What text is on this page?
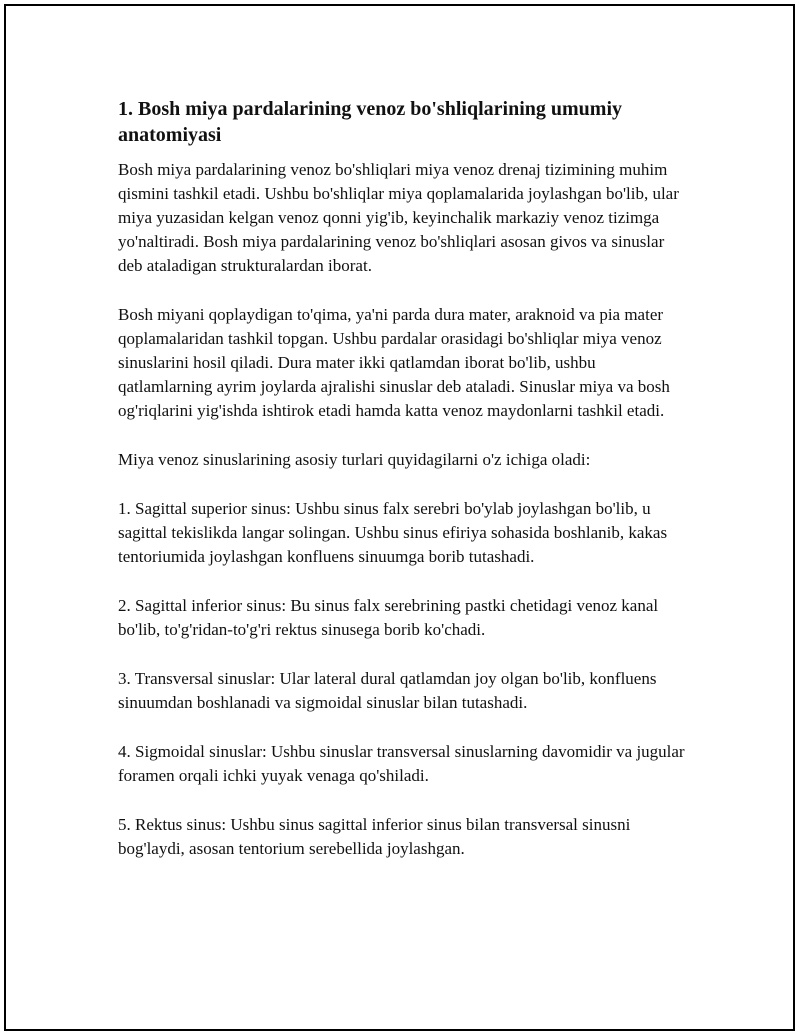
1. Bosh miya pardalarining venoz bo'shliqlarining umumiy anatomiyasi

Bosh miya pardalarining venoz bo'shliqlari miya venoz drenaj tizimining muhim qismini tashkil etadi. Ushbu bo'shliqlar miya qoplamalarida joylashgan bo'lib, ular miya yuzasidan kelgan venoz qonni yig'ib, keyinchalik markaziy venoz tizimga yo'naltiradi. Bosh miya pardalarining venoz bo'shliqlari asosan givos va sinuslar deb ataladigan strukturalardan iborat.

Bosh miyani qoplaydigan to'qima, ya'ni parda dura mater, araknoid va pia mater qoplamalaridan tashkil topgan. Ushbu pardalar orasidagi bo'shliqlar miya venoz sinuslarini hosil qiladi. Dura mater ikki qatlamdan iborat bo'lib, ushbu qatlamlarning ayrim joylarda ajralishi sinuslar deb ataladi. Sinuslar miya va bosh og'riqlarini yig'ishda ishtirok etadi hamda katta venoz maydonlarni tashkil etadi.

Miya venoz sinuslarining asosiy turlari quyidagilarni o'z ichiga oladi:

1. Sagittal superior sinus: Ushbu sinus falx serebri bo'ylab joylashgan bo'lib, u sagittal tekislikda langar solingan. Ushbu sinus efiriya sohasida boshlanib, kakas tentoriumida joylashgan konfluens sinuumga borib tutashadi.

2. Sagittal inferior sinus: Bu sinus falx serebrining pastki chetidagi venoz kanal bo'lib, to'g'ridan-to'g'ri rektus sinusega borib ko'chadi.

3. Transversal sinuslar: Ular lateral dural qatlamdan joy olgan bo'lib, konfluens sinuumdan boshlanadi va sigmoidal sinuslar bilan tutashadi.

4. Sigmoidal sinuslar: Ushbu sinuslar transversal sinuslarning davomidir va jugular foramen orqali ichki yuyak venaga qo'shiladi.

5. Rektus sinus: Ushbu sinus sagittal inferior sinus bilan transversal sinusni bog'laydi, asosan tentorium serebellida joylashgan.
